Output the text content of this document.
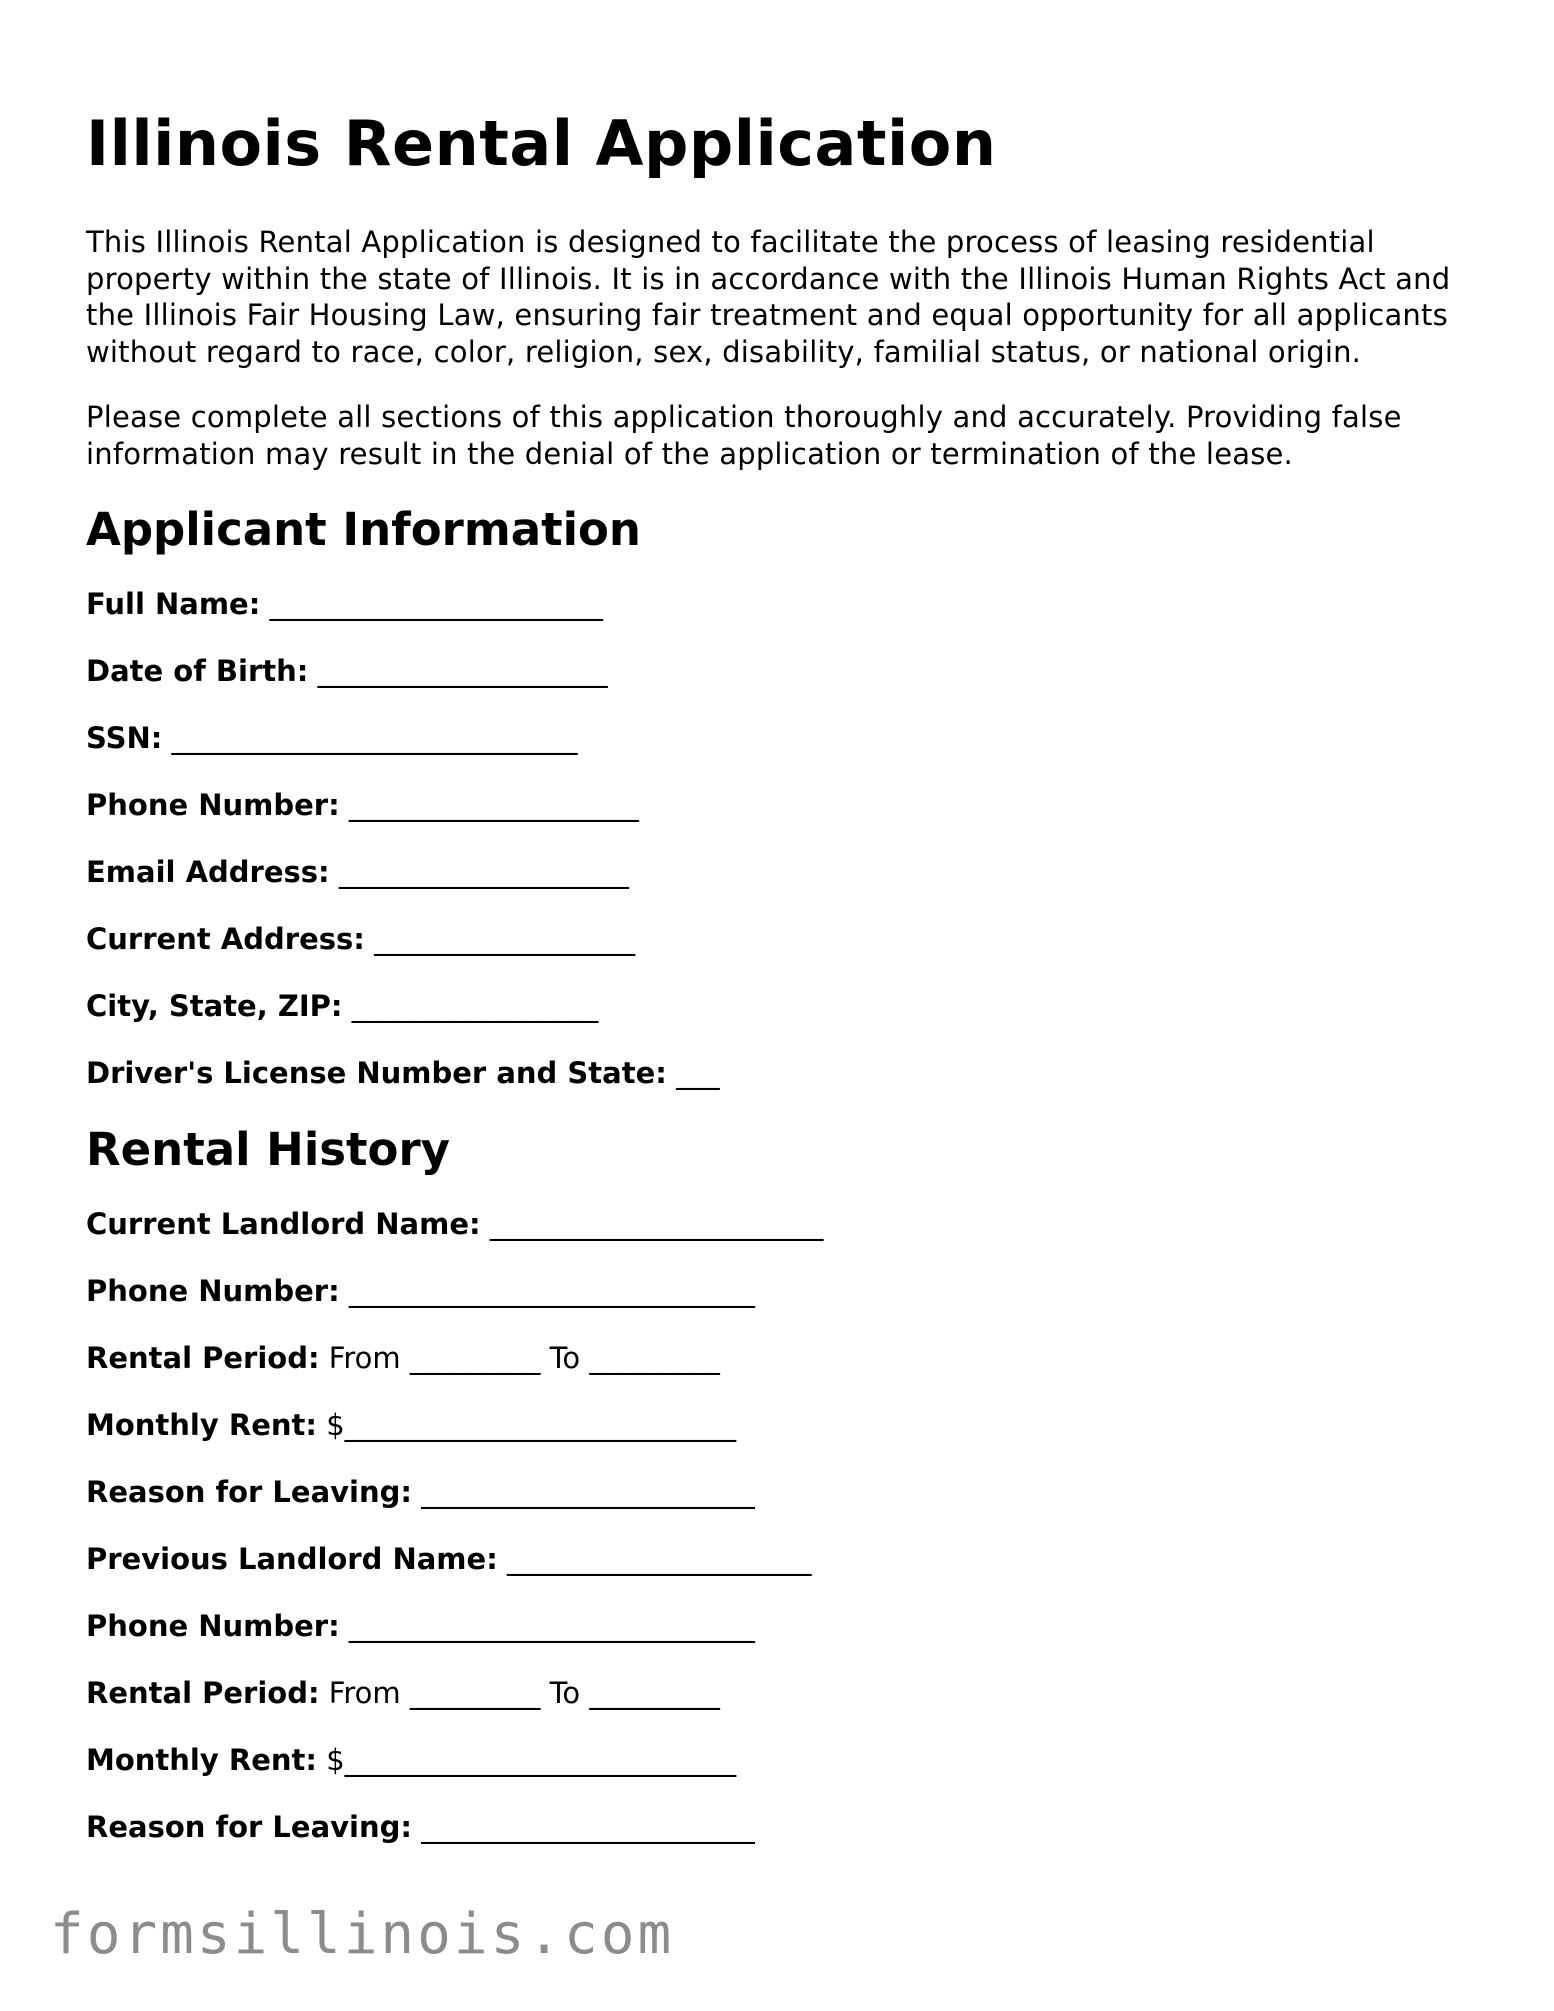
Illinois Rental Application

This Illinois Rental Application is designed to facilitate the process of leasing residential property within the state of Illinois. It is in accordance with the Illinois Human Rights Act and the Illinois Fair Housing Law, ensuring fair treatment and equal opportunity for all applicants without regard to race, color, religion, sex, disability, familial status, or national origin.

Please complete all sections of this application thoroughly and accurately. Providing false information may result in the denial of the application or termination of the lease.

Applicant Information
Full Name: _______________________
Date of Birth: ____________________
SSN: ____________________________
Phone Number: ____________________
Email Address: ____________________
Current Address: __________________
City, State, ZIP: _________________
Driver's License Number and State: ___
Rental History
Current Landlord Name: _______________________
Phone Number: ____________________________
Rental Period: From _________ To _________
Monthly Rent: $___________________________
Reason for Leaving: _______________________
Previous Landlord Name: _____________________
Phone Number: ____________________________
Rental Period: From _________ To _________
Monthly Rent: $___________________________
Reason for Leaving: _______________________
formsillinois.com
